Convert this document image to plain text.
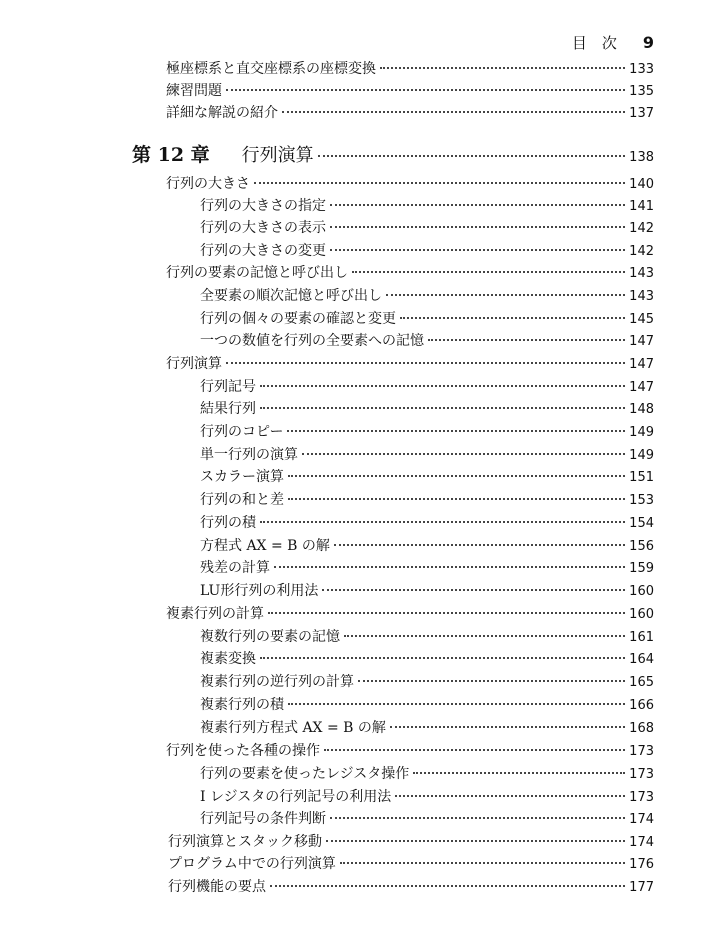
目　次 9
極座標系と直交座標系の座標変換	133
練習問題	135
詳細な解説の紹介	137
第 12 章 行列演算	138
行列の大きさ	140
行列の大きさの指定	141
行列の大きさの表示	142
行列の大きさの変更	142
行列の要素の記憶と呼び出し	143
全要素の順次記憶と呼び出し	143
行列の個々の要素の確認と変更	145
一つの数値を行列の全要素への記憶	147
行列演算	147
行列記号	147
結果行列	148
行列のコピー	149
単一行列の演算	149
スカラー演算	151
行列の和と差	153
行列の積	154
方程式 AX = B の解	156
残差の計算	159
LU形行列の利用法	160
複素行列の計算	160
複数行列の要素の記憶	161
複素変換	164
複素行列の逆行列の計算	165
複素行列の積	166
複素行列方程式 AX = B の解	168
行列を使った各種の操作	173
行列の要素を使ったレジスタ操作	173
I レジスタの行列記号の利用法	173
行列記号の条件判断	174
行列演算とスタック移動	174
プログラム中での行列演算	176
行列機能の要点	177
